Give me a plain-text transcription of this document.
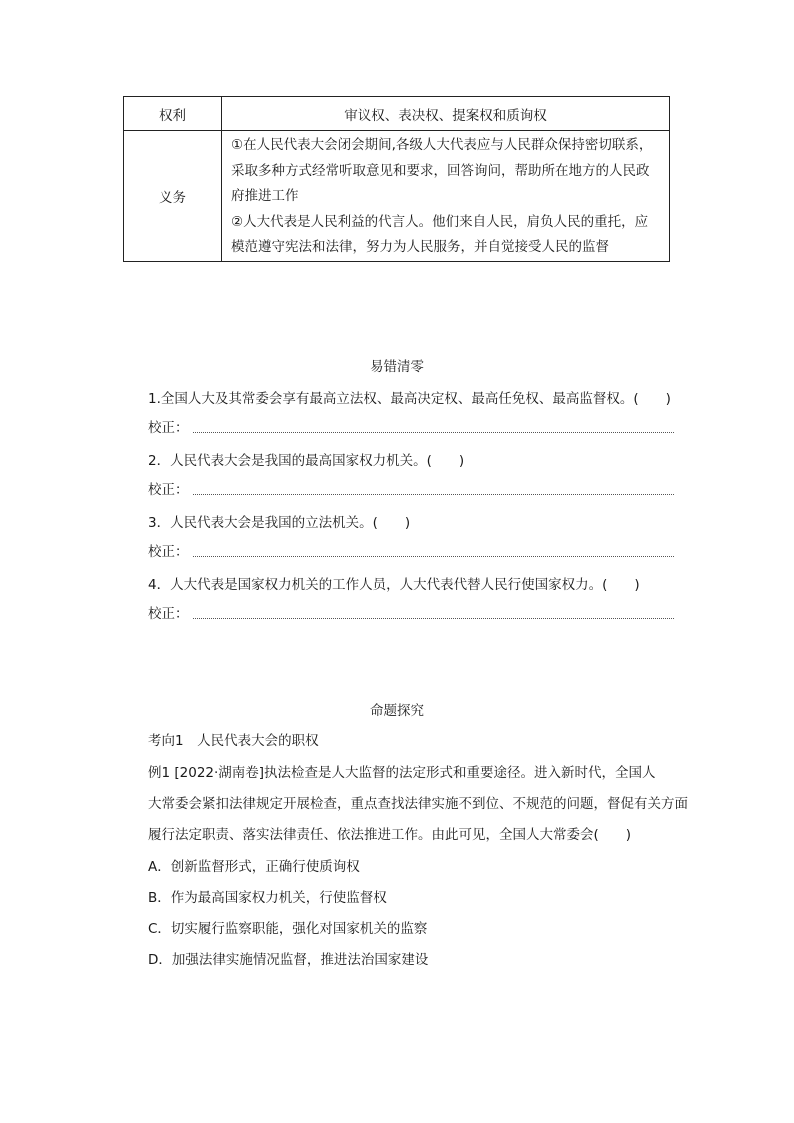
权利	审议权、表决权、提案权和质询权
义务	①在人民代表大会闭会期间,各级人大代表应与人民群众保持密切联系，
采取多种方式经常听取意见和要求，回答询问，帮助所在地方的人民政
府推进工作
②人大代表是人民利益的代言人。他们来自人民，肩负人民的重托，应
模范遵守宪法和法律，努力为人民服务，并自觉接受人民的监督
易错清零
1.全国人大及其常委会享有最高立法权、最高决定权、最高任免权、最高监督权。(　　)
校正：
2．人民代表大会是我国的最高国家权力机关。(　　)
校正：
3．人民代表大会是我国的立法机关。(　　)
校正：
4．人大代表是国家权力机关的工作人员，人大代表代替人民行使国家权力。(　　)
校正：
命题探究
考向1　人民代表大会的职权
例1 [2022·湖南卷]执法检查是人大监督的法定形式和重要途径。进入新时代，全国人
大常委会紧扣法律规定开展检查，重点查找法律实施不到位、不规范的问题，督促有关方面
履行法定职责、落实法律责任、依法推进工作。由此可见，全国人大常委会(　　)
A．创新监督形式，正确行使质询权
B．作为最高国家权力机关，行使监督权
C．切实履行监察职能，强化对国家机关的监察
D．加强法律实施情况监督，推进法治国家建设
